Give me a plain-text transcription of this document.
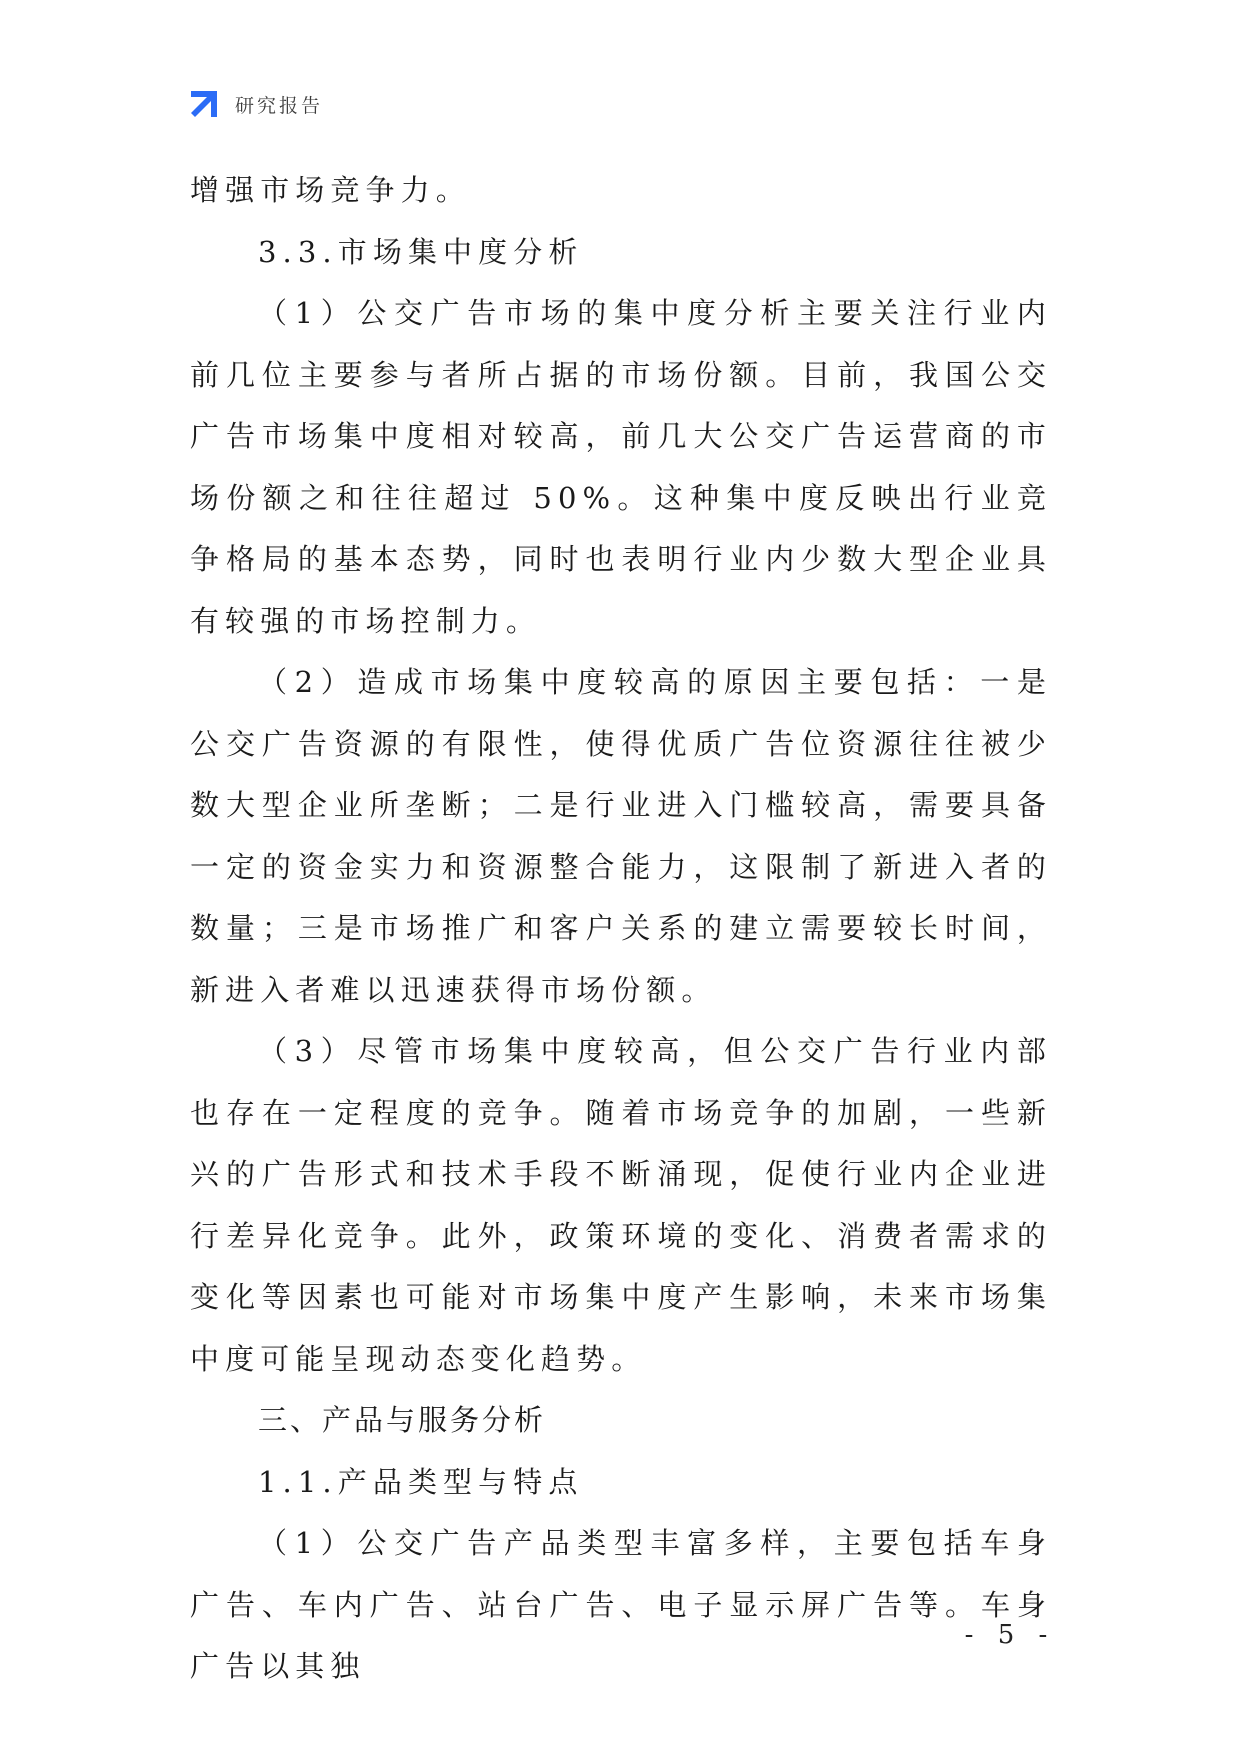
研究报告

增强市场竞争力。

3.3.市场集中度分析

（1）公交广告市场的集中度分析主要关注行业内前几位主要参与者所占据的市场份额。目前，我国公交广告市场集中度相对较高，前几大公交广告运营商的市场份额之和往往超过 50%。这种集中度反映出行业竞争格局的基本态势，同时也表明行业内少数大型企业具有较强的市场控制力。

（2）造成市场集中度较高的原因主要包括：一是公交广告资源的有限性，使得优质广告位资源往往被少数大型企业所垄断；二是行业进入门槛较高，需要具备一定的资金实力和资源整合能力，这限制了新进入者的数量；三是市场推广和客户关系的建立需要较长时间，新进入者难以迅速获得市场份额。

（3）尽管市场集中度较高，但公交广告行业内部也存在一定程度的竞争。随着市场竞争的加剧，一些新兴的广告形式和技术手段不断涌现，促使行业内企业进行差异化竞争。此外，政策环境的变化、消费者需求的变化等因素也可能对市场集中度产生影响，未来市场集中度可能呈现动态变化趋势。

三、产品与服务分析

1.1.产品类型与特点

（1）公交广告产品类型丰富多样，主要包括车身广告、车内广告、站台广告、电子显示屏广告等。车身广告以其独

- 5 -
